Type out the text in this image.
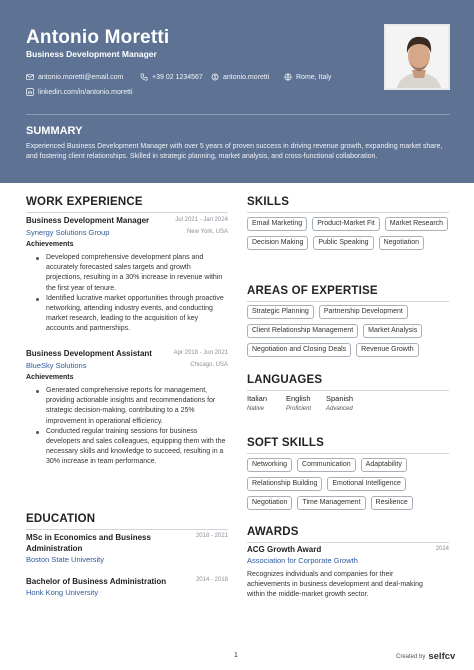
Antonio Moretti
Business Development Manager
antonio.moretti@email.com	+39 02 1234567	antonio.moretti	Rome, Italy
linkedin.com/in/antonio.moretti
SUMMARY
Experienced Business Development Manager with over 5 years of proven success in driving revenue growth, expanding market share, and fostering client relationships. Skilled in strategic planning, market analysis, and cross-functional collaboration.
WORK EXPERIENCE
Business Development Manager	Jul 2021 - Jan 2024
Synergy Solutions Group	New York, USA
Achievements
Developed comprehensive development plans and accurately forecasted sales targets and growth projections, resulting in a 30% increase in revenue within the first year of tenure.
Identified lucrative market opportunities through proactive networking, attending industry events, and conducting market research, leading to the acquisition of key accounts and partnerships.
Business Development Assistant	Apr 2018 - Jun 2021
BlueSky Solutions	Chicago, USA
Achievements
Generated comprehensive reports for management, providing actionable insights and recommendations for strategic decision-making, contributing to a 25% improvement in operational efficiency.
Conducted regular training sessions for business developers and sales colleagues, equipping them with the necessary skills and knowledge to succeed, resulting in a 30% increase in team performance.
EDUCATION
MSc in Economics and Business Administration
2018 - 2021
Boston State University
Bachelor of Business Administration	2014 - 2018
Honk Kong University
SKILLS
Email Marketing	Product-Market Fit	Market Research
Decision Making	Public Speaking	Negotiation
AREAS OF EXPERTISE
Strategic Planning	Partnership Development
Client Relationship Management	Market Analysis
Negotiation and Closing Deals	Revenue Growth
LANGUAGES
Italian
Native
English
Proficient
Spanish
Advanced
SOFT SKILLS
Networking	Communication	Adaptability
Relationship Building	Emotional Intelligence
Negotiation	Time Management	Resilience
AWARDS
ACG Growth Award	2024
Association for Corporate Growth
Recognizes individuals and companies for their achievements in business development and deal-making within the middle-market growth sector.
1	Created by selfcv
